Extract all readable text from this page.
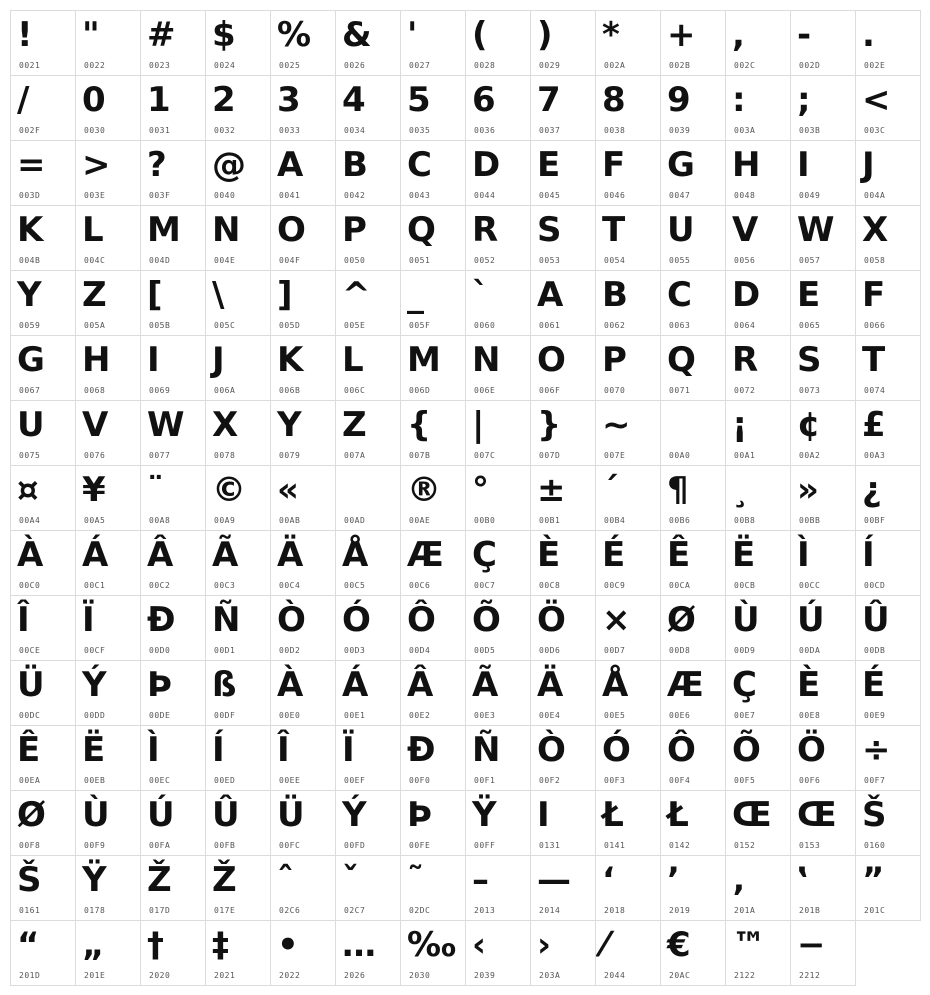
!
0021
"
0022
#
0023
$
0024
%
0025
&
0026
'
0027
(
0028
)
0029
*
002A
+
002B
,
002C
-
002D
.
002E
/
002F
0
0030
1
0031
2
0032
3
0033
4
0034
5
0035
6
0036
7
0037
8
0038
9
0039
:
003A
;
003B
<
003C
=
003D
>
003E
?
003F
@
0040
A
0041
B
0042
C
0043
D
0044
E
0045
F
0046
G
0047
H
0048
I
0049
J
004A
K
004B
L
004C
M
004D
N
004E
O
004F
P
0050
Q
0051
R
0052
S
0053
T
0054
U
0055
V
0056
W
0057
X
0058
Y
0059
Z
005A
[
005B
\
005C
]
005D
^
005E
_
005F
`
0060
A
0061
B
0062
C
0063
D
0064
E
0065
F
0066
G
0067
H
0068
I
0069
J
006A
K
006B
L
006C
M
006D
N
006E
O
006F
P
0070
Q
0071
R
0072
S
0073
T
0074
U
0075
V
0076
W
0077
X
0078
Y
0079
Z
007A
{
007B
|
007C
}
007D
~
007E	00A0
¡
00A1
¢
00A2
£
00A3
¤
00A4
¥
00A5
¨
00A8
©
00A9
«
00AB	00AD
®
00AE
°
00B0
±
00B1
´
00B4
¶
00B6
¸
00B8
»
00BB
¿
00BF
À
00C0
Á
00C1
Â
00C2
Ã
00C3
Ä
00C4
Å
00C5
Æ
00C6
Ç
00C7
È
00C8
É
00C9
Ê
00CA
Ë
00CB
Ì
00CC
Í
00CD
Î
00CE
Ï
00CF
Ð
00D0
Ñ
00D1
Ò
00D2
Ó
00D3
Ô
00D4
Õ
00D5
Ö
00D6
×
00D7
Ø
00D8
Ù
00D9
Ú
00DA
Û
00DB
Ü
00DC
Ý
00DD
Þ
00DE
ß
00DF
À
00E0
Á
00E1
Â
00E2
Ã
00E3
Ä
00E4
Å
00E5
Æ
00E6
Ç
00E7
È
00E8
É
00E9
Ê
00EA
Ë
00EB
Ì
00EC
Í
00ED
Î
00EE
Ï
00EF
Ð
00F0
Ñ
00F1
Ò
00F2
Ó
00F3
Ô
00F4
Õ
00F5
Ö
00F6
÷
00F7
Ø
00F8
Ù
00F9
Ú
00FA
Û
00FB
Ü
00FC
Ý
00FD
Þ
00FE
Ÿ
00FF
I
0131
Ł
0141
Ł
0142
Œ
0152
Œ
0153
Š
0160
Š
0161
Ÿ
0178
Ž
017D
Ž
017E
ˆ
02C6
ˇ
02C7
˜
02DC
–
2013
—
2014
‘
2018
’
2019
‚
201A
‛
201B
”
201C
“
201D
„
201E
†
2020
‡
2021
•
2022
…
2026
‰
2030
‹
2039
›
203A
⁄
2044
€
20AC
™
2122
−
2212
